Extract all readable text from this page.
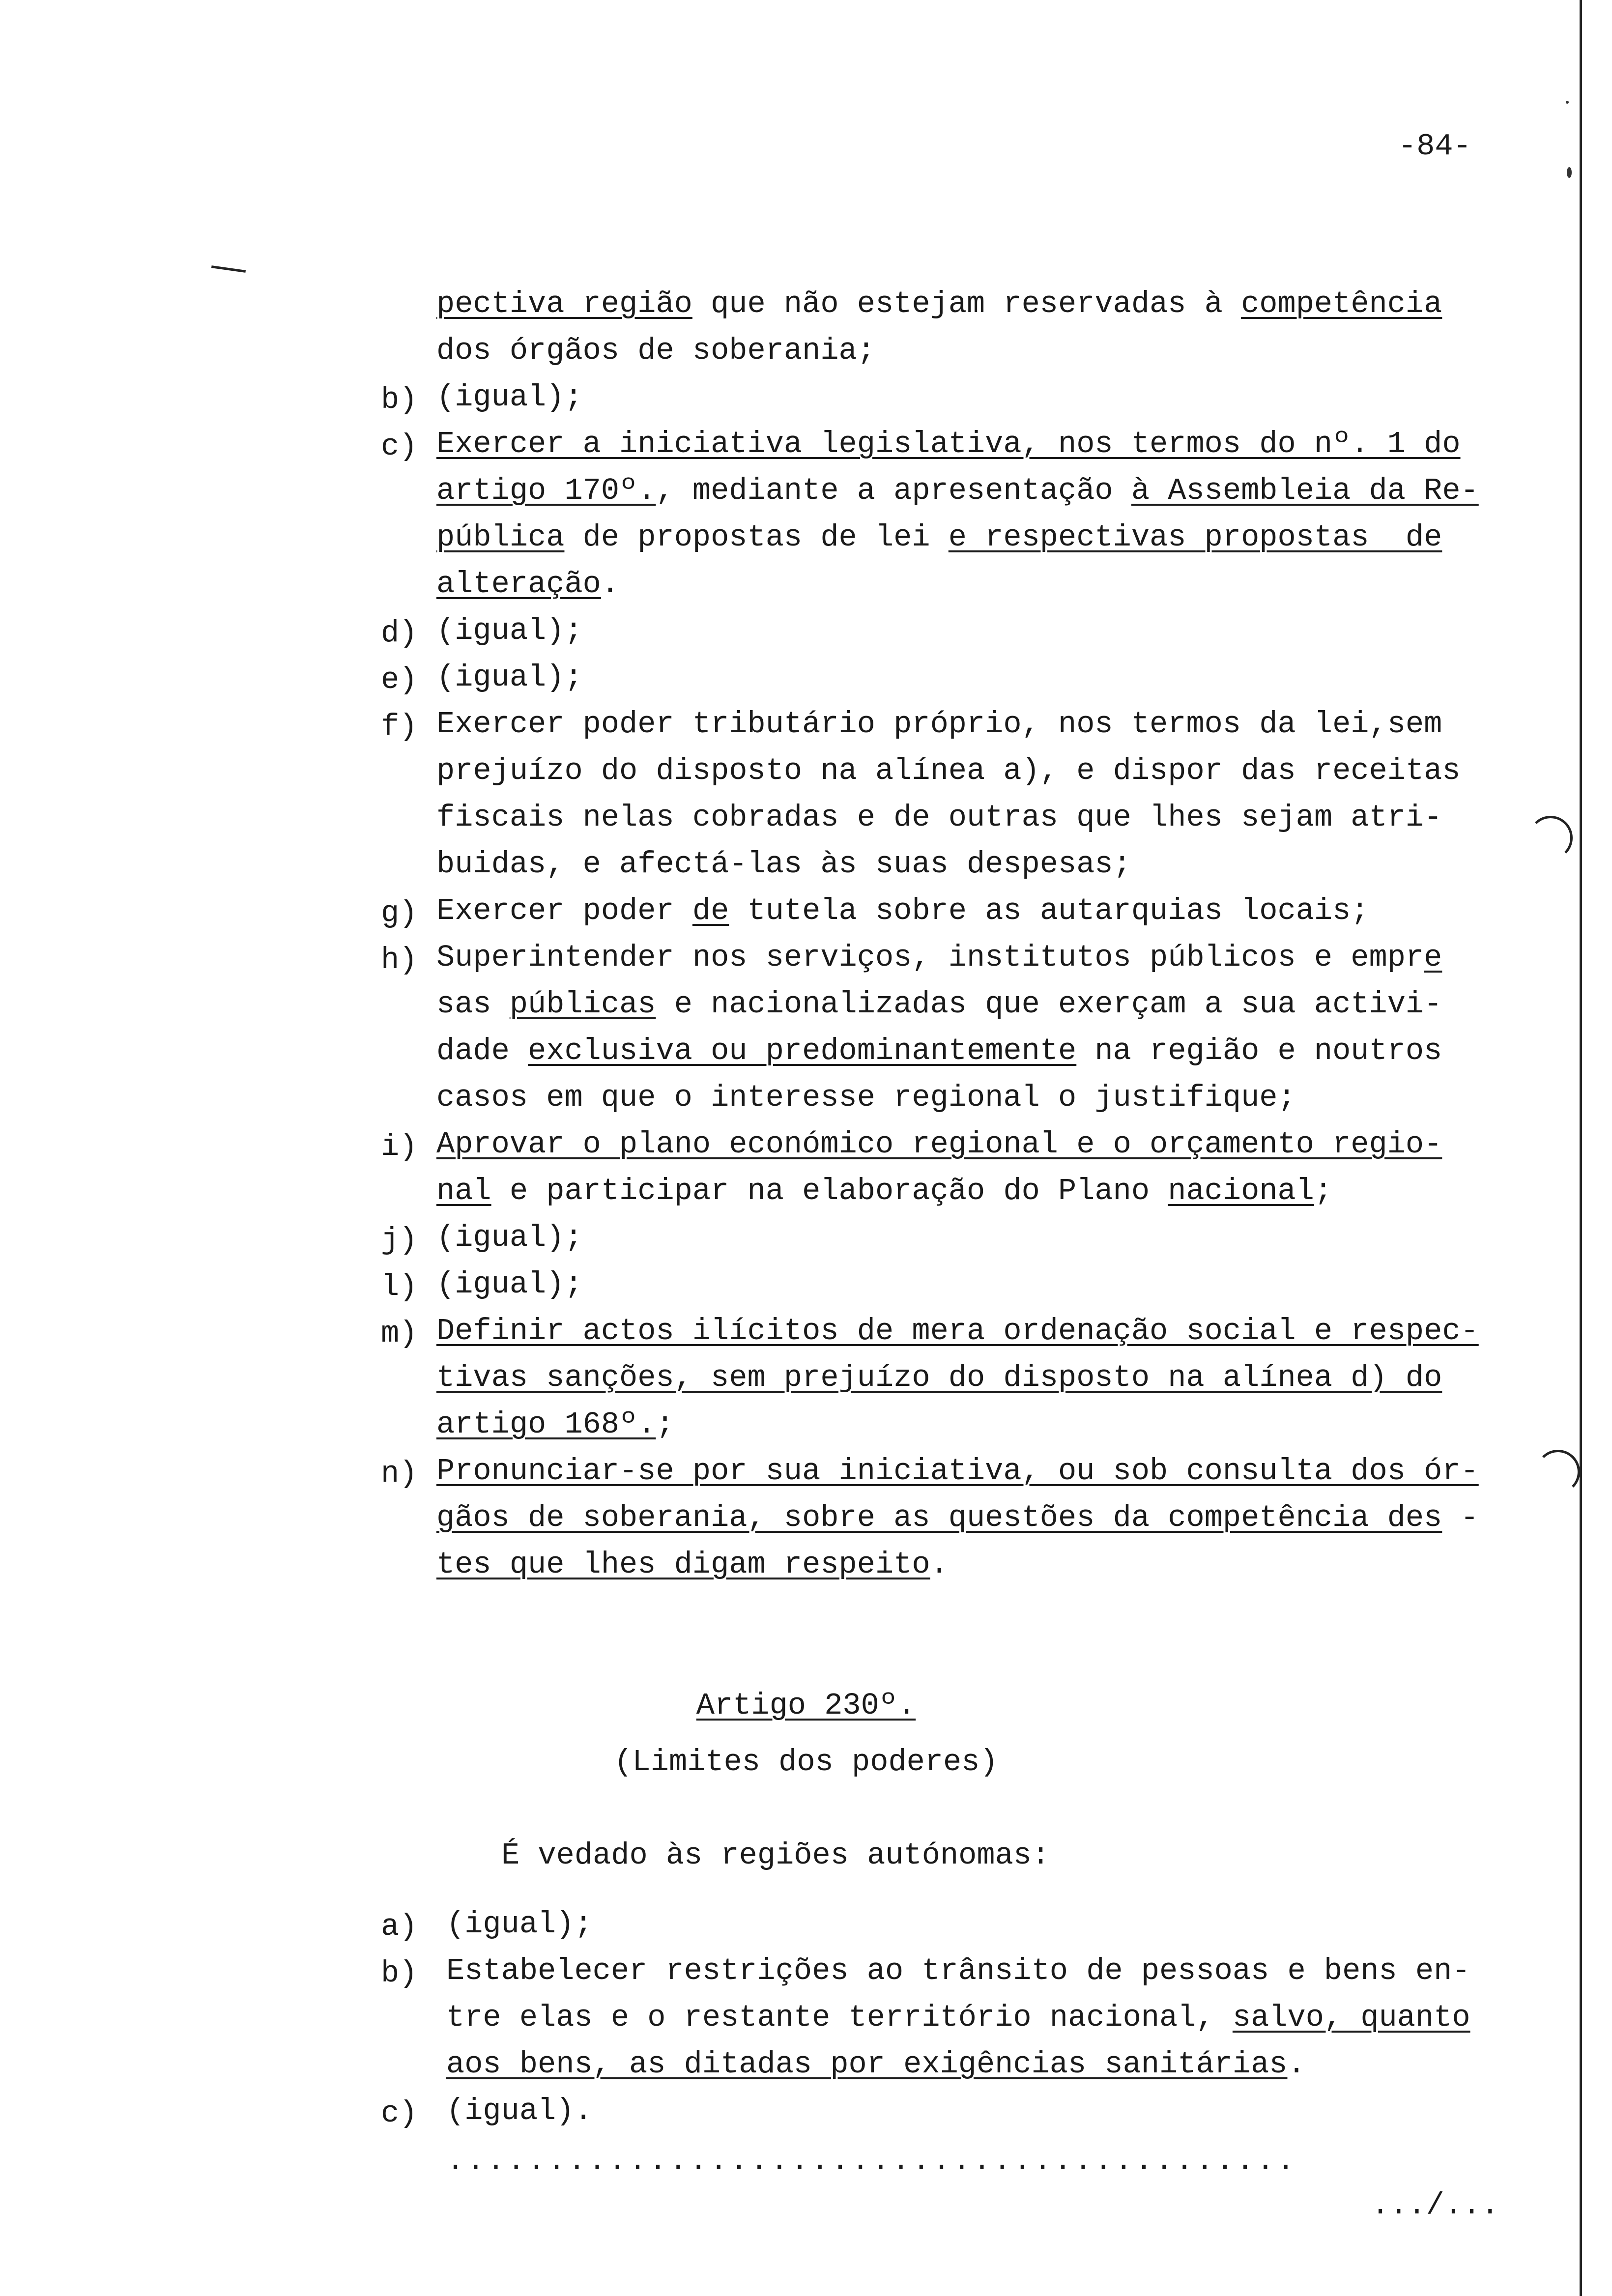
-84-
pectiva região que não estejam reservadas à competência
dos órgãos de soberania;
b) (igual);
c) Exercer a iniciativa legislativa, nos termos do nº. 1 do
artigo 170º., mediante a apresentação à Assembleia da Re-
pública de propostas de lei e respectivas propostas  de
alteração.
d) (igual);
e) (igual);
f) Exercer poder tributário próprio, nos termos da lei,sem
prejuízo do disposto na alínea a), e dispor das receitas
fiscais nelas cobradas e de outras que lhes sejam atri-
buidas, e afectá-las às suas despesas;
g) Exercer poder de tutela sobre as autarquias locais;
h) Superintender nos serviços, institutos públicos e empre
sas públicas e nacionalizadas que exerçam a sua activi-
dade exclusiva ou predominantemente na região e noutros
casos em que o interesse regional o justifique;
i) Aprovar o plano económico regional e o orçamento regio-
nal e participar na elaboração do Plano nacional;
j) (igual);
l) (igual);
m) Definir actos ilícitos de mera ordenação social e respec-
tivas sanções, sem prejuízo do disposto na alínea d) do
artigo 168º.;
n) Pronunciar-se por sua iniciativa, ou sob consulta dos ór-
gãos de soberania, sobre as questões da competência des -
tes que lhes digam respeito.
Artigo 230º.
(Limites dos poderes)
É vedado às regiões autónomas:
a) (igual);
b) Estabelecer restrições ao trânsito de pessoas e bens en-
tre elas e o restante território nacional, salvo, quanto
aos bens, as ditadas por exigências sanitárias.
c) (igual).
..........................................
.../...
